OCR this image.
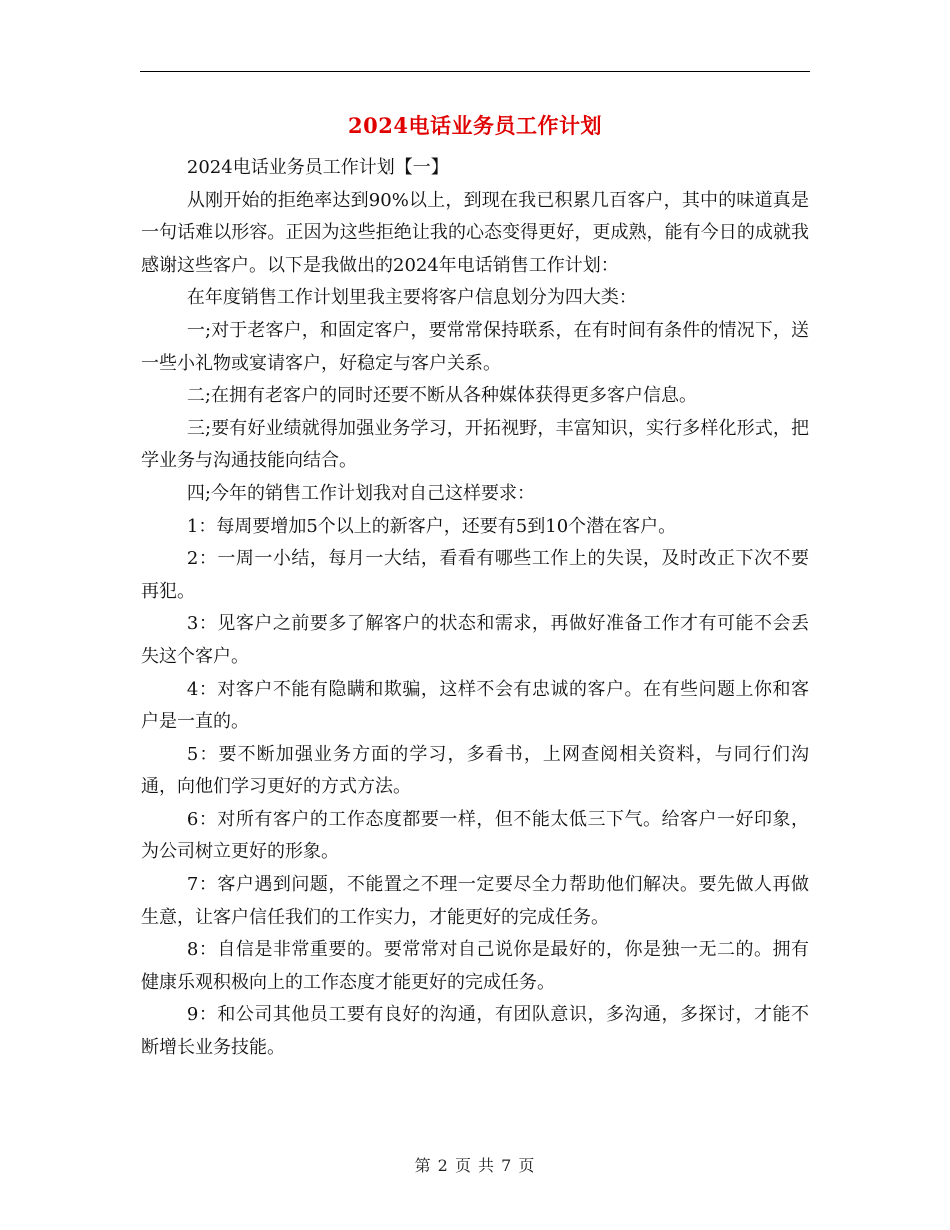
2024电话业务员工作计划

2024电话业务员工作计划【一】

从刚开始的拒绝率达到90%以上，到现在我已积累几百客户，其中的味道真是一句话难以形容。正因为这些拒绝让我的心态变得更好，更成熟，能有今日的成就我感谢这些客户。以下是我做出的2024年电话销售工作计划：

在年度销售工作计划里我主要将客户信息划分为四大类：

一;对于老客户，和固定客户，要常常保持联系，在有时间有条件的情况下，送一些小礼物或宴请客户，好稳定与客户关系。

二;在拥有老客户的同时还要不断从各种媒体获得更多客户信息。

三;要有好业绩就得加强业务学习，开拓视野，丰富知识，实行多样化形式，把学业务与沟通技能向结合。

四;今年的销售工作计划我对自己这样要求：

1：每周要增加5个以上的新客户，还要有5到10个潜在客户。

2：一周一小结，每月一大结，看看有哪些工作上的失误，及时改正下次不要再犯。

3：见客户之前要多了解客户的状态和需求，再做好准备工作才有可能不会丢失这个客户。

4：对客户不能有隐瞒和欺骗，这样不会有忠诚的客户。在有些问题上你和客户是一直的。

5：要不断加强业务方面的学习，多看书，上网查阅相关资料，与同行们沟通，向他们学习更好的方式方法。

6：对所有客户的工作态度都要一样，但不能太低三下气。给客户一好印象，为公司树立更好的形象。

7：客户遇到问题，不能置之不理一定要尽全力帮助他们解决。要先做人再做生意，让客户信任我们的工作实力，才能更好的完成任务。

8：自信是非常重要的。要常常对自己说你是最好的，你是独一无二的。拥有健康乐观积极向上的工作态度才能更好的完成任务。

9：和公司其他员工要有良好的沟通，有团队意识，多沟通，多探讨，才能不断增长业务技能。

第 2 页 共 7 页
